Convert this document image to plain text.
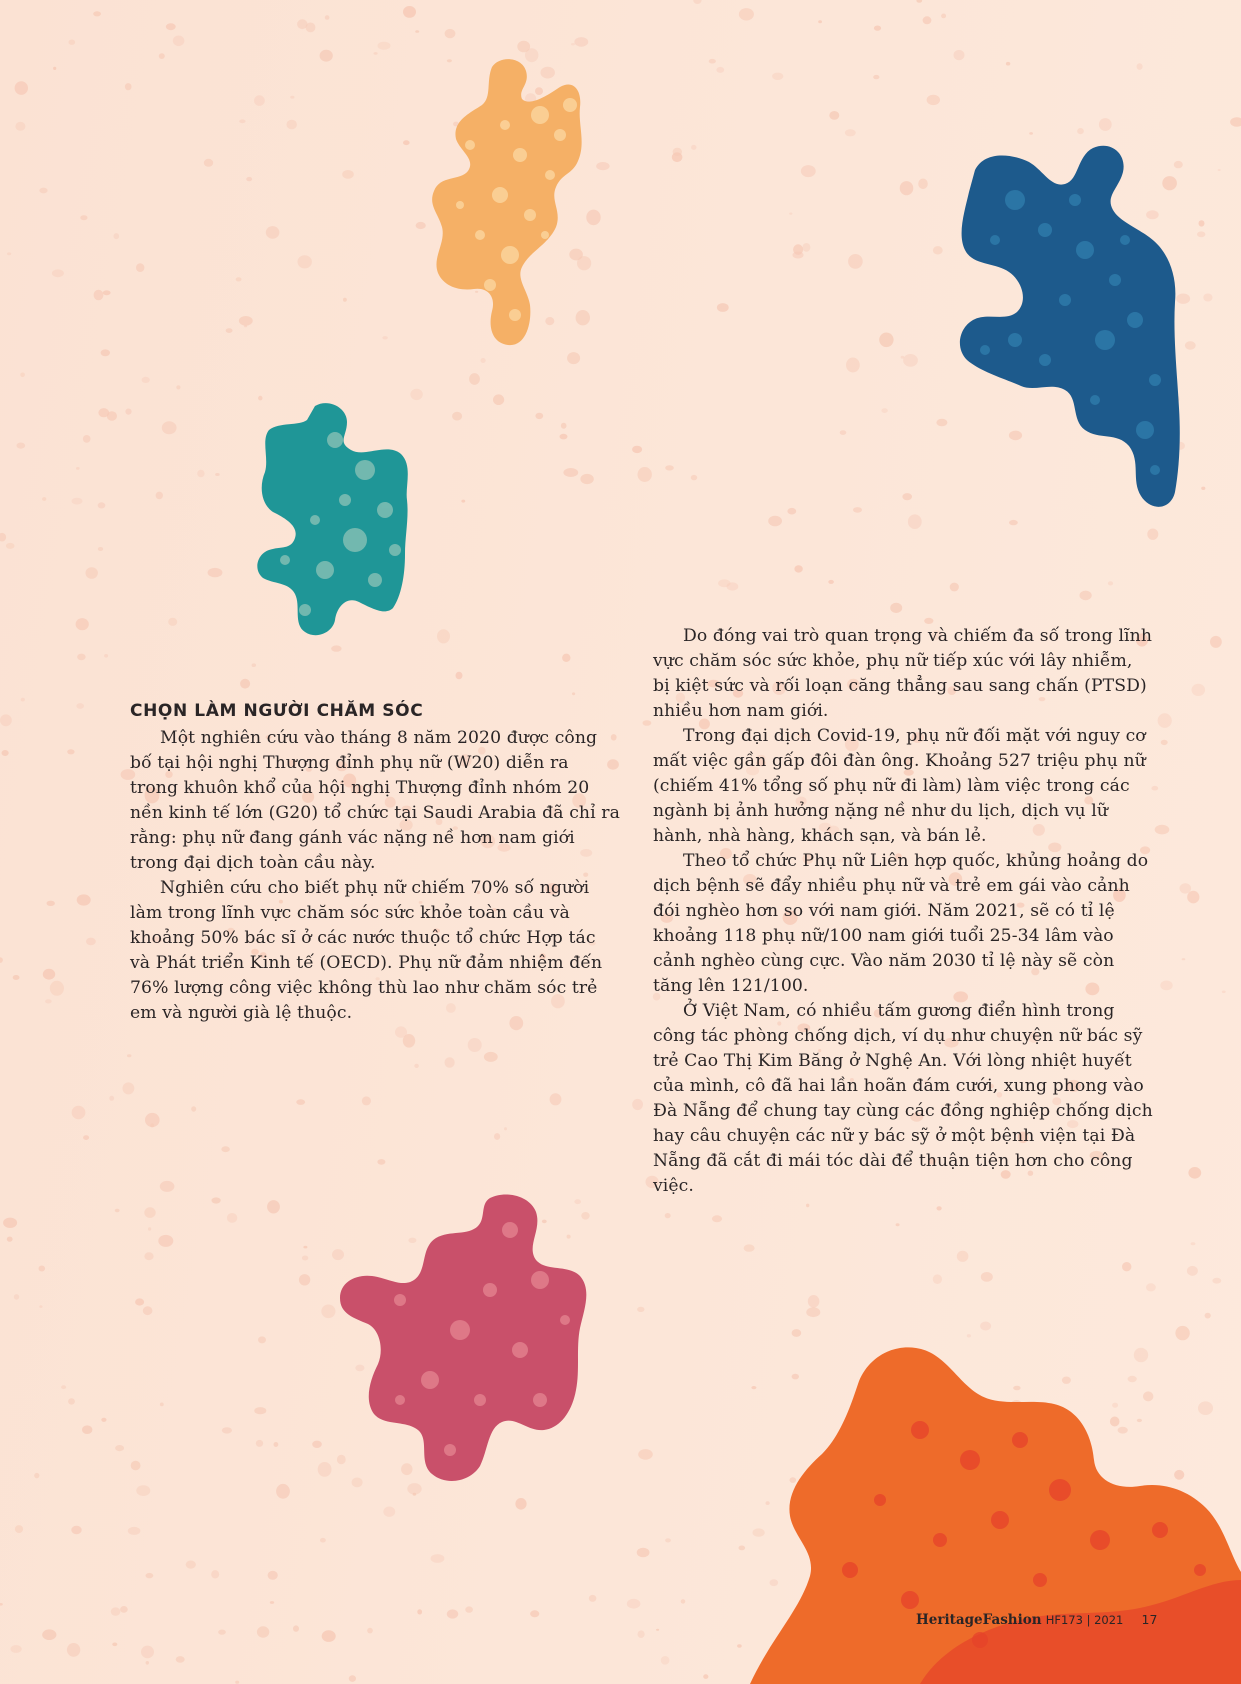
CHỌN LÀM NGƯỜI CHĂM SÓC

Một nghiên cứu vào tháng 8 năm 2020 được công bố tại hội nghị Thượng đỉnh phụ nữ (W20) diễn ra trong khuôn khổ của hội nghị Thượng đỉnh nhóm 20 nền kinh tế lớn (G20) tổ chức tại Saudi Arabia đã chỉ ra rằng: phụ nữ đang gánh vác nặng nề hơn nam giới trong đại dịch toàn cầu này.

Nghiên cứu cho biết phụ nữ chiếm 70% số người làm trong lĩnh vực chăm sóc sức khỏe toàn cầu và khoảng 50% bác sĩ ở các nước thuộc tổ chức Hợp tác và Phát triển Kinh tế (OECD). Phụ nữ đảm nhiệm đến 76% lượng công việc không thù lao như chăm sóc trẻ em và người già lệ thuộc.

Do đóng vai trò quan trọng và chiếm đa số trong lĩnh vực chăm sóc sức khỏe, phụ nữ tiếp xúc với lây nhiễm, bị kiệt sức và rối loạn căng thẳng sau sang chấn (PTSD) nhiều hơn nam giới.

Trong đại dịch Covid-19, phụ nữ đối mặt với nguy cơ mất việc gần gấp đôi đàn ông. Khoảng 527 triệu phụ nữ (chiếm 41% tổng số phụ nữ đi làm) làm việc trong các ngành bị ảnh hưởng nặng nề như du lịch, dịch vụ lữ hành, nhà hàng, khách sạn, và bán lẻ.

Theo tổ chức Phụ nữ Liên hợp quốc, khủng hoảng do dịch bệnh sẽ đẩy nhiều phụ nữ và trẻ em gái vào cảnh đói nghèo hơn so với nam giới. Năm 2021, sẽ có tỉ lệ khoảng 118 phụ nữ/100 nam giới tuổi 25-34 lâm vào cảnh nghèo cùng cực. Vào năm 2030 tỉ lệ này sẽ còn tăng lên 121/100.

Ở Việt Nam, có nhiều tấm gương điển hình trong công tác phòng chống dịch, ví dụ như chuyện nữ bác sỹ trẻ Cao Thị Kim Băng ở Nghệ An. Với lòng nhiệt huyết của mình, cô đã hai lần hoãn đám cưới, xung phong vào Đà Nẵng để chung tay cùng các đồng nghiệp chống dịch hay câu chuyện các nữ y bác sỹ ở một bệnh viện tại Đà Nẵng đã cắt đi mái tóc dài để thuận tiện hơn cho công việc.

HeritageFashion HF173 | 2021 17
